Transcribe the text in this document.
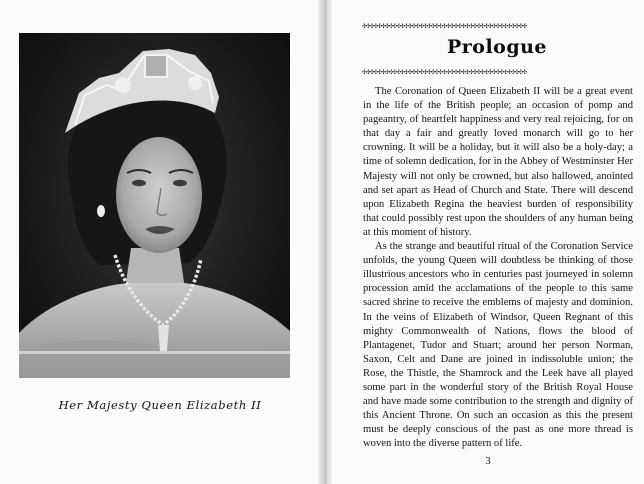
Her Majesty Queen Elizabeth II
✣✣✣✣✣✣✣✣✣✣✣✣✣✣✣✣✣✣✣✣✣✣✣✣✣✣✣✣✣✣✣✣✣✣✣✣✣✣✣✣✣✣✣
Prologue
✣✣✣✣✣✣✣✣✣✣✣✣✣✣✣✣✣✣✣✣✣✣✣✣✣✣✣✣✣✣✣✣✣✣✣✣✣✣✣✣✣✣✣

The Coronation of Queen Elizabeth II will be a great event in the life of the British people; an occasion of pomp and pageantry, of heartfelt happiness and very real rejoicing, for on that day a fair and greatly loved monarch will go to her crowning. It will be a holiday, but it will also be a holy-day; a time of solemn dedication, for in the Abbey of Westminster Her Majesty will not only be crowned, but also hallowed, anointed and set apart as Head of Church and State. There will descend upon Elizabeth Regina the heaviest burden of responsibility that could possibly rest upon the shoulders of any human being at this moment of history.

As the strange and beautiful ritual of the Coronation Service unfolds, the young Queen will doubtless be thinking of those illustrious ancestors who in centuries past journeyed in solemn procession amid the acclamations of the people to this same sacred shrine to receive the emblems of majesty and dominion. In the veins of Elizabeth of Windsor, Queen Regnant of this mighty Commonwealth of Nations, flows the blood of Plantagenet, Tudor and Stuart; around her person Norman, Saxon, Celt and Dane are joined in indissoluble union; the Rose, the Thistle, the Shamrock and the Leek have all played some part in the wonderful story of the British Royal House and have made some contribution to the strength and dignity of this Ancient Throne. On such an occasion as this the present must be deeply conscious of the past as one more thread is woven into the diverse pattern of life.

3
